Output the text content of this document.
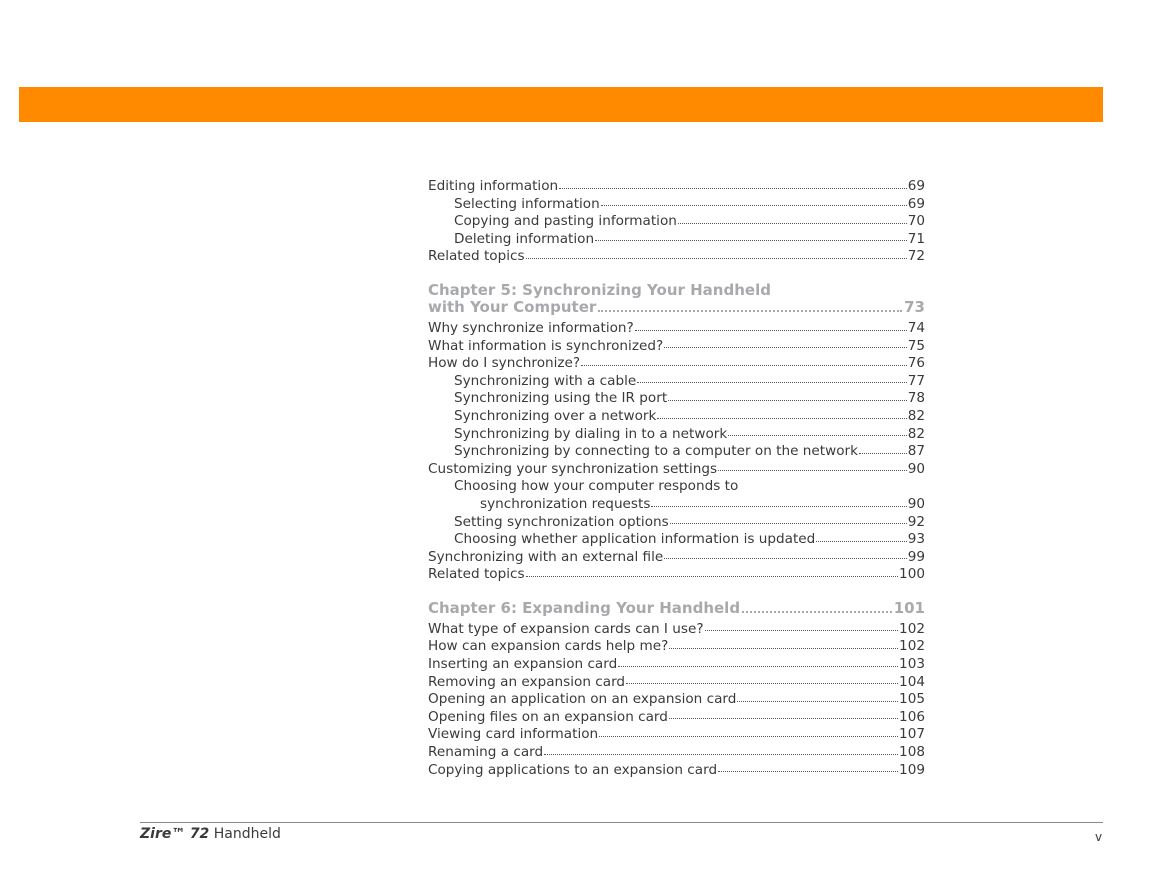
Editing information	69
Selecting information	69
Copying and pasting information	70
Deleting information	71
Related topics	72
Chapter 5: Synchronizing Your Handheld
with Your Computer	73
Why synchronize information?	74
What information is synchronized?	75
How do I synchronize?	76
Synchronizing with a cable	77
Synchronizing using the IR port	78
Synchronizing over a network	82
Synchronizing by dialing in to a network	82
Synchronizing by connecting to a computer on the network	87
Customizing your synchronization settings	90
Choosing how your computer responds to
synchronization requests	90
Setting synchronization options	92
Choosing whether application information is updated	93
Synchronizing with an external file	99
Related topics	100
Chapter 6: Expanding Your Handheld	101
What type of expansion cards can I use?	102
How can expansion cards help me?	102
Inserting an expansion card	103
Removing an expansion card	104
Opening an application on an expansion card	105
Opening files on an expansion card	106
Viewing card information	107
Renaming a card	108
Copying applications to an expansion card	109
Zire™ 72 Handheld	v
